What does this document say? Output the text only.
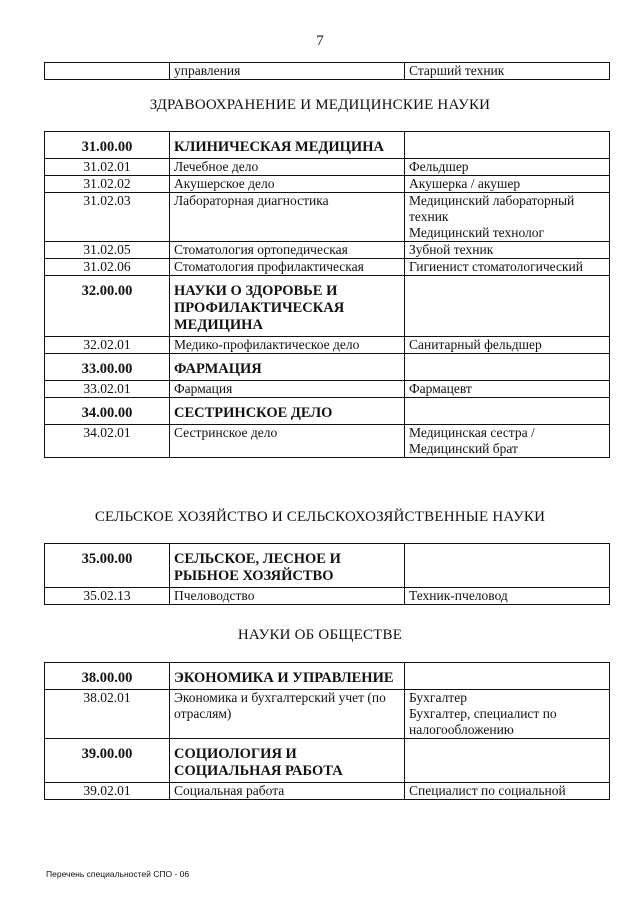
7
	управления	Старший техник
ЗДРАВООХРАНЕНИЕ И МЕДИЦИНСКИЕ НАУКИ
31.00.00	КЛИНИЧЕСКАЯ МЕДИЦИНА	

31.02.01	Лечебное дело	Фельдшер

31.02.02	Акушерское дело	Акушерка / акушер

31.02.03	Лабораторная диагностика	Медицинский лабораторный техник
Медицинский технолог

31.02.05	Стоматология ортопедическая	Зубной техник

31.02.06	Стоматология профилактическая	Гигиенист стоматологический

32.00.00	НАУКИ О ЗДОРОВЬЕ И ПРОФИЛАКТИЧЕСКАЯ МЕДИЦИНА	

32.02.01	Медико-профилактическое дело	Санитарный фельдшер

33.00.00	ФАРМАЦИЯ	

33.02.01	Фармация	Фармацевт

34.00.00	СЕСТРИНСКОЕ ДЕЛО	

34.02.01	Сестринское дело	Медицинская сестра / Медицинский брат
СЕЛЬСКОЕ ХОЗЯЙСТВО И СЕЛЬСКОХОЗЯЙСТВЕННЫЕ НАУКИ
35.00.00	СЕЛЬСКОЕ, ЛЕСНОЕ И РЫБНОЕ ХОЗЯЙСТВО	

35.02.13	Пчеловодство	Техник-пчеловод
НАУКИ ОБ ОБЩЕСТВЕ
38.00.00	ЭКОНОМИКА И УПРАВЛЕНИЕ	

38.02.01	Экономика и бухгалтерский учет (по отраслям)	Бухгалтер
Бухгалтер, специалист по налогообложению

39.00.00	СОЦИОЛОГИЯ И СОЦИАЛЬНАЯ РАБОТА	

39.02.01	Социальная работа	Специалист по социальной
Перечень специальностей СПО - 06
